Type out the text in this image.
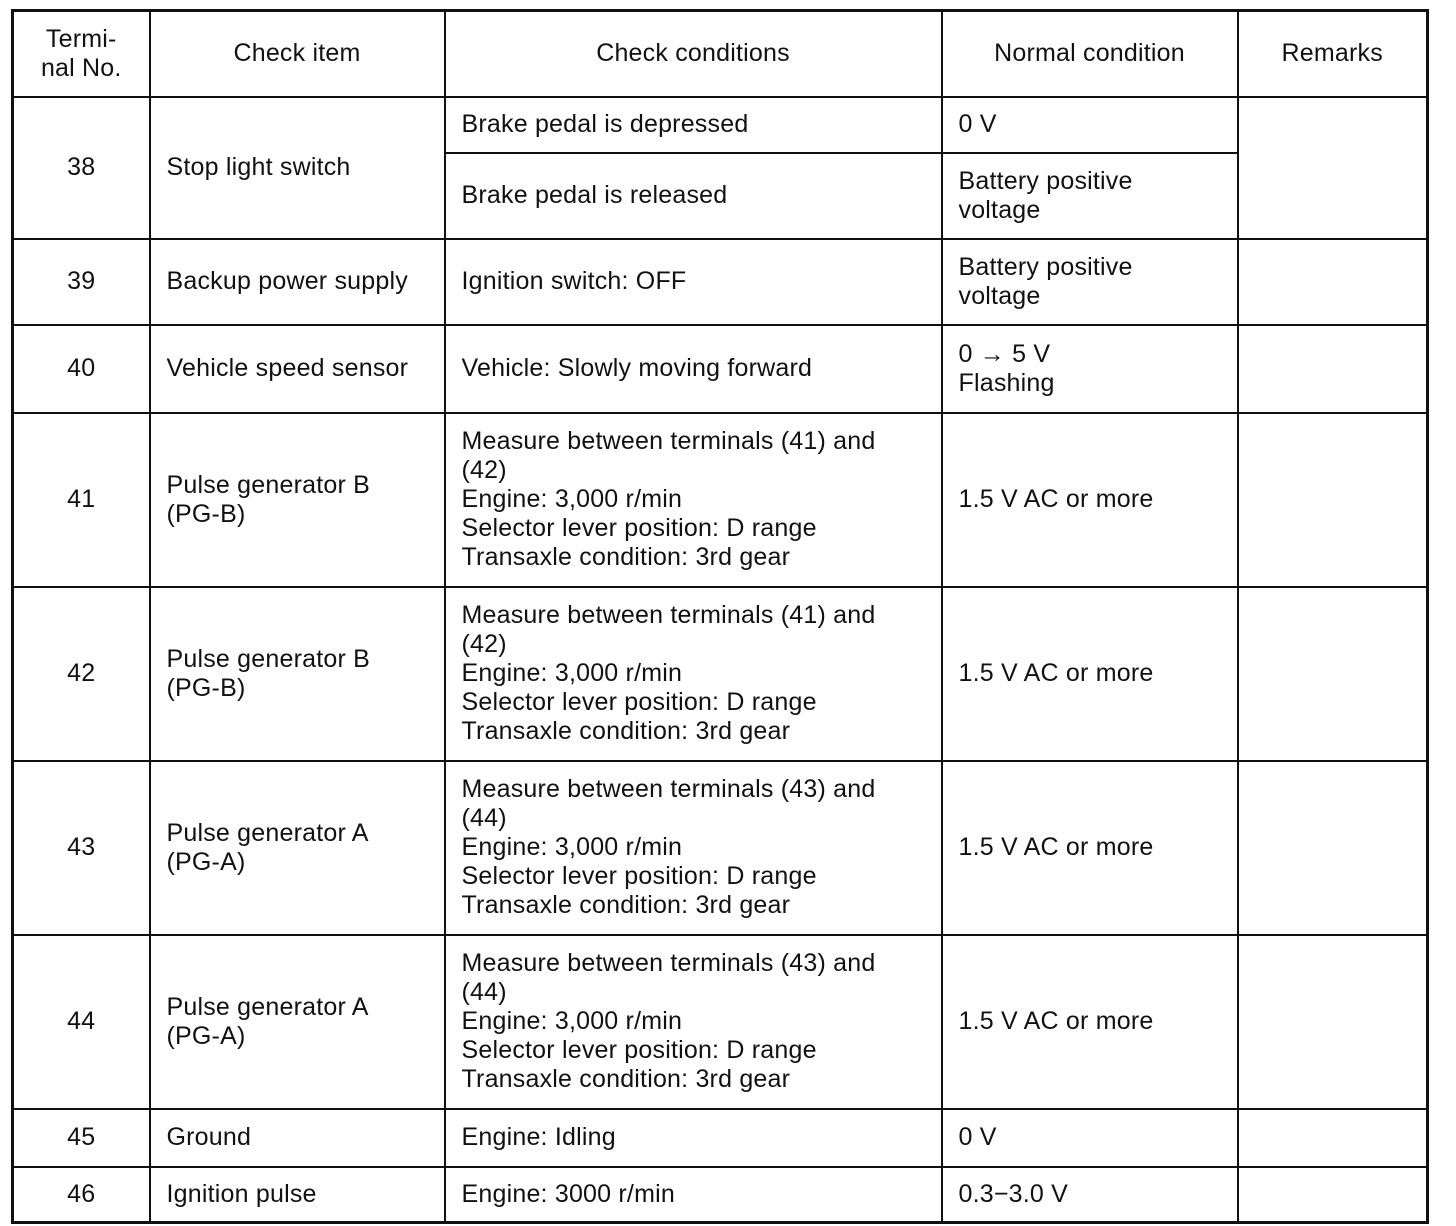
Termi-
nal No.	Check item	Check conditions	Normal condition	Remarks
38	Stop light switch	Brake pedal is depressed	0 V	
		Brake pedal is released	Battery positive
voltage	
39	Backup power supply	Ignition switch: OFF	Battery positive
voltage	
40	Vehicle speed sensor	Vehicle: Slowly moving forward	0 → 5 V
Flashing	
41	Pulse generator B
(PG-B)	Measure between terminals (41) and
(42)
Engine: 3,000 r/min
Selector lever position: D range
Transaxle condition: 3rd gear	1.5 V AC or more	
42	Pulse generator B
(PG-B)	Measure between terminals (41) and
(42)
Engine: 3,000 r/min
Selector lever position: D range
Transaxle condition: 3rd gear	1.5 V AC or more	
43	Pulse generator A
(PG-A)	Measure between terminals (43) and
(44)
Engine: 3,000 r/min
Selector lever position: D range
Transaxle condition: 3rd gear	1.5 V AC or more	
44	Pulse generator A
(PG-A)	Measure between terminals (43) and
(44)
Engine: 3,000 r/min
Selector lever position: D range
Transaxle condition: 3rd gear	1.5 V AC or more	
45	Ground	Engine: Idling	0 V	
46	Ignition pulse	Engine: 3000 r/min	0.3−3.0 V	
